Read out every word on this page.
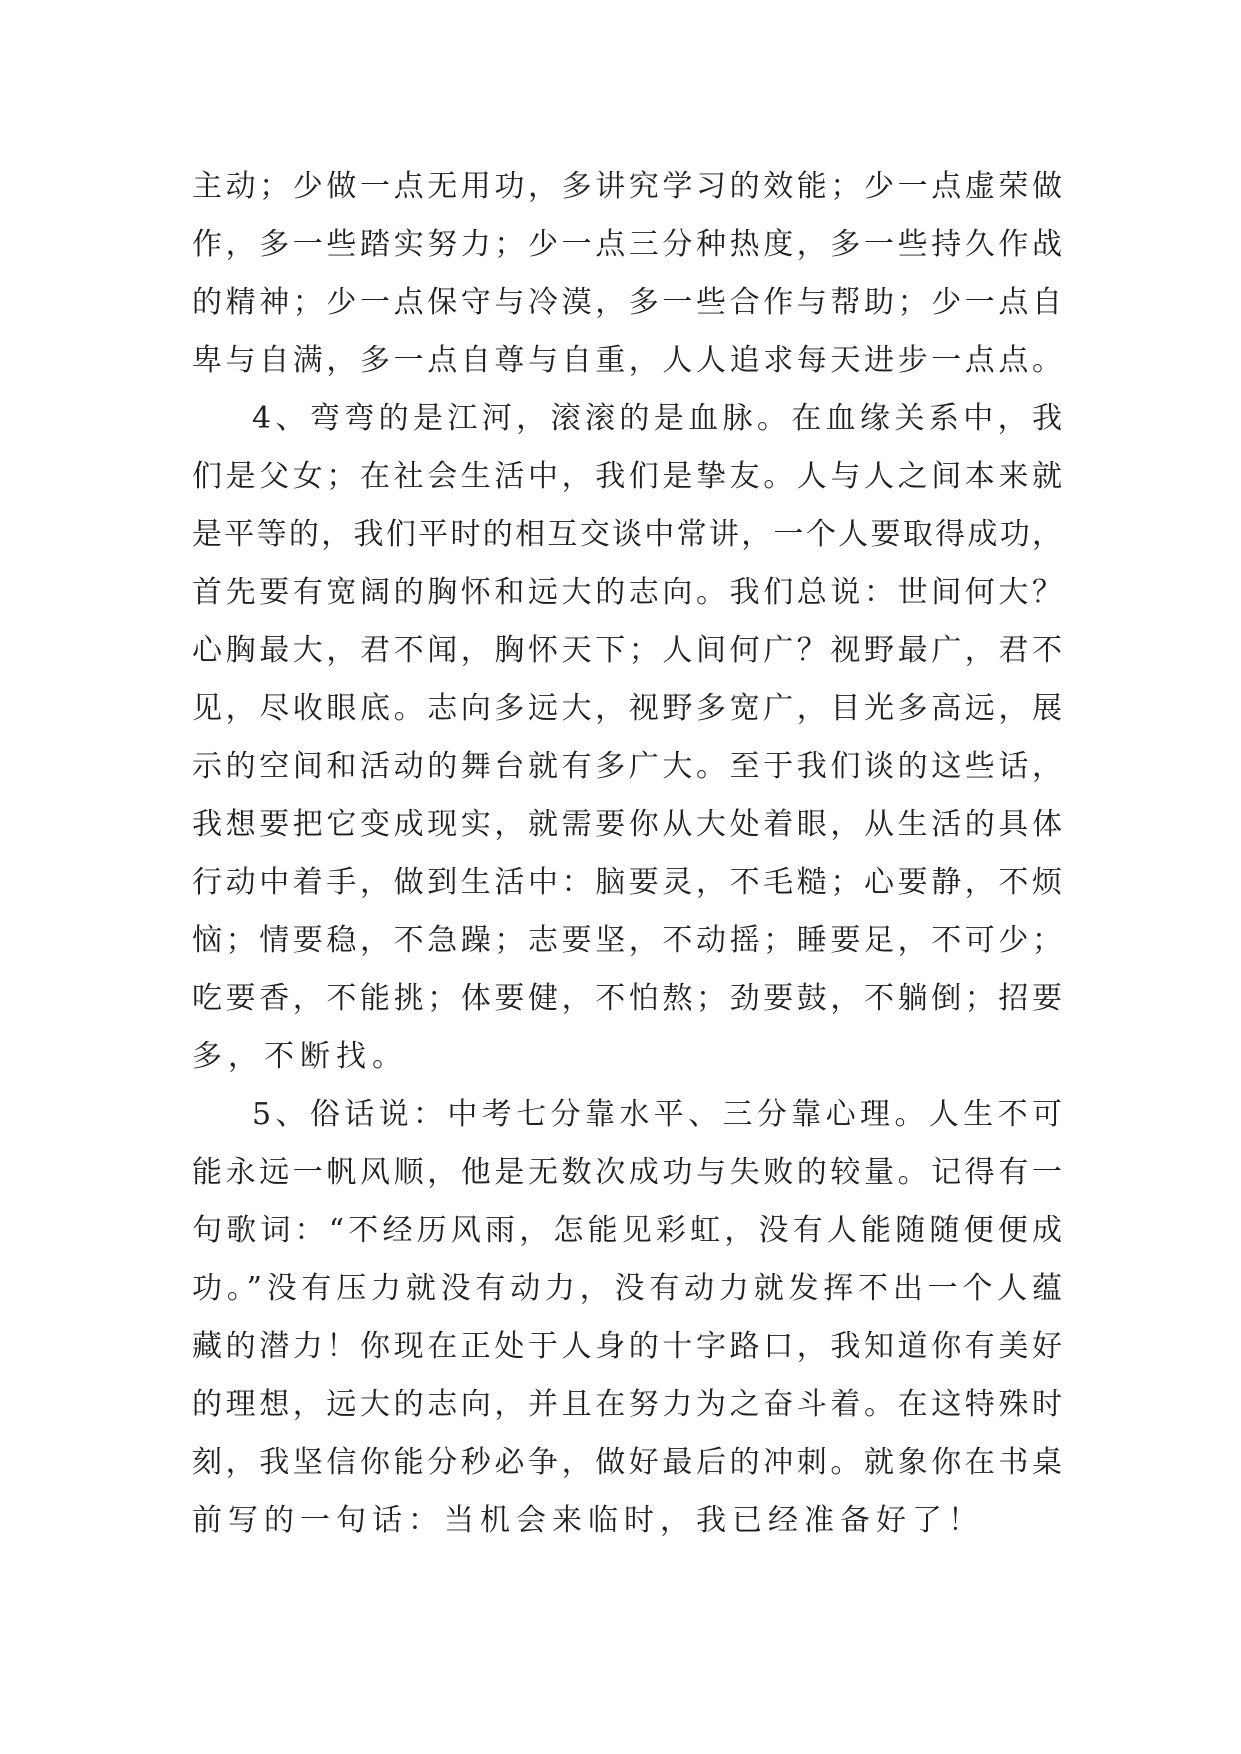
主动；少做一点无用功，多讲究学习的效能；少一点虚荣做
作，多一些踏实努力；少一点三分种热度，多一些持久作战
的精神；少一点保守与冷漠，多一些合作与帮助；少一点自
卑与自满，多一点自尊与自重，人人追求每天进步一点点。
4、弯弯的是江河，滚滚的是血脉。在血缘关系中，我
们是父女；在社会生活中，我们是挚友。人与人之间本来就
是平等的，我们平时的相互交谈中常讲，一个人要取得成功，
首先要有宽阔的胸怀和远大的志向。我们总说：世间何大？
心胸最大，君不闻，胸怀天下；人间何广？视野最广，君不
见，尽收眼底。志向多远大，视野多宽广，目光多高远，展
示的空间和活动的舞台就有多广大。至于我们谈的这些话，
我想要把它变成现实，就需要你从大处着眼，从生活的具体
行动中着手，做到生活中：脑要灵，不毛糙；心要静，不烦
恼；情要稳，不急躁；志要坚，不动摇；睡要足，不可少；
吃要香，不能挑；体要健，不怕熬；劲要鼓，不躺倒；招要
多，不断找。
5、俗话说：中考七分靠水平、三分靠心理。人生不可
能永远一帆风顺，他是无数次成功与失败的较量。记得有一
句歌词：“不经历风雨，怎能见彩虹，没有人能随随便便成
功。”没有压力就没有动力，没有动力就发挥不出一个人蕴
藏的潜力！你现在正处于人身的十字路口，我知道你有美好
的理想，远大的志向，并且在努力为之奋斗着。在这特殊时
刻，我坚信你能分秒必争，做好最后的冲刺。就象你在书桌
前写的一句话：当机会来临时，我已经准备好了！
